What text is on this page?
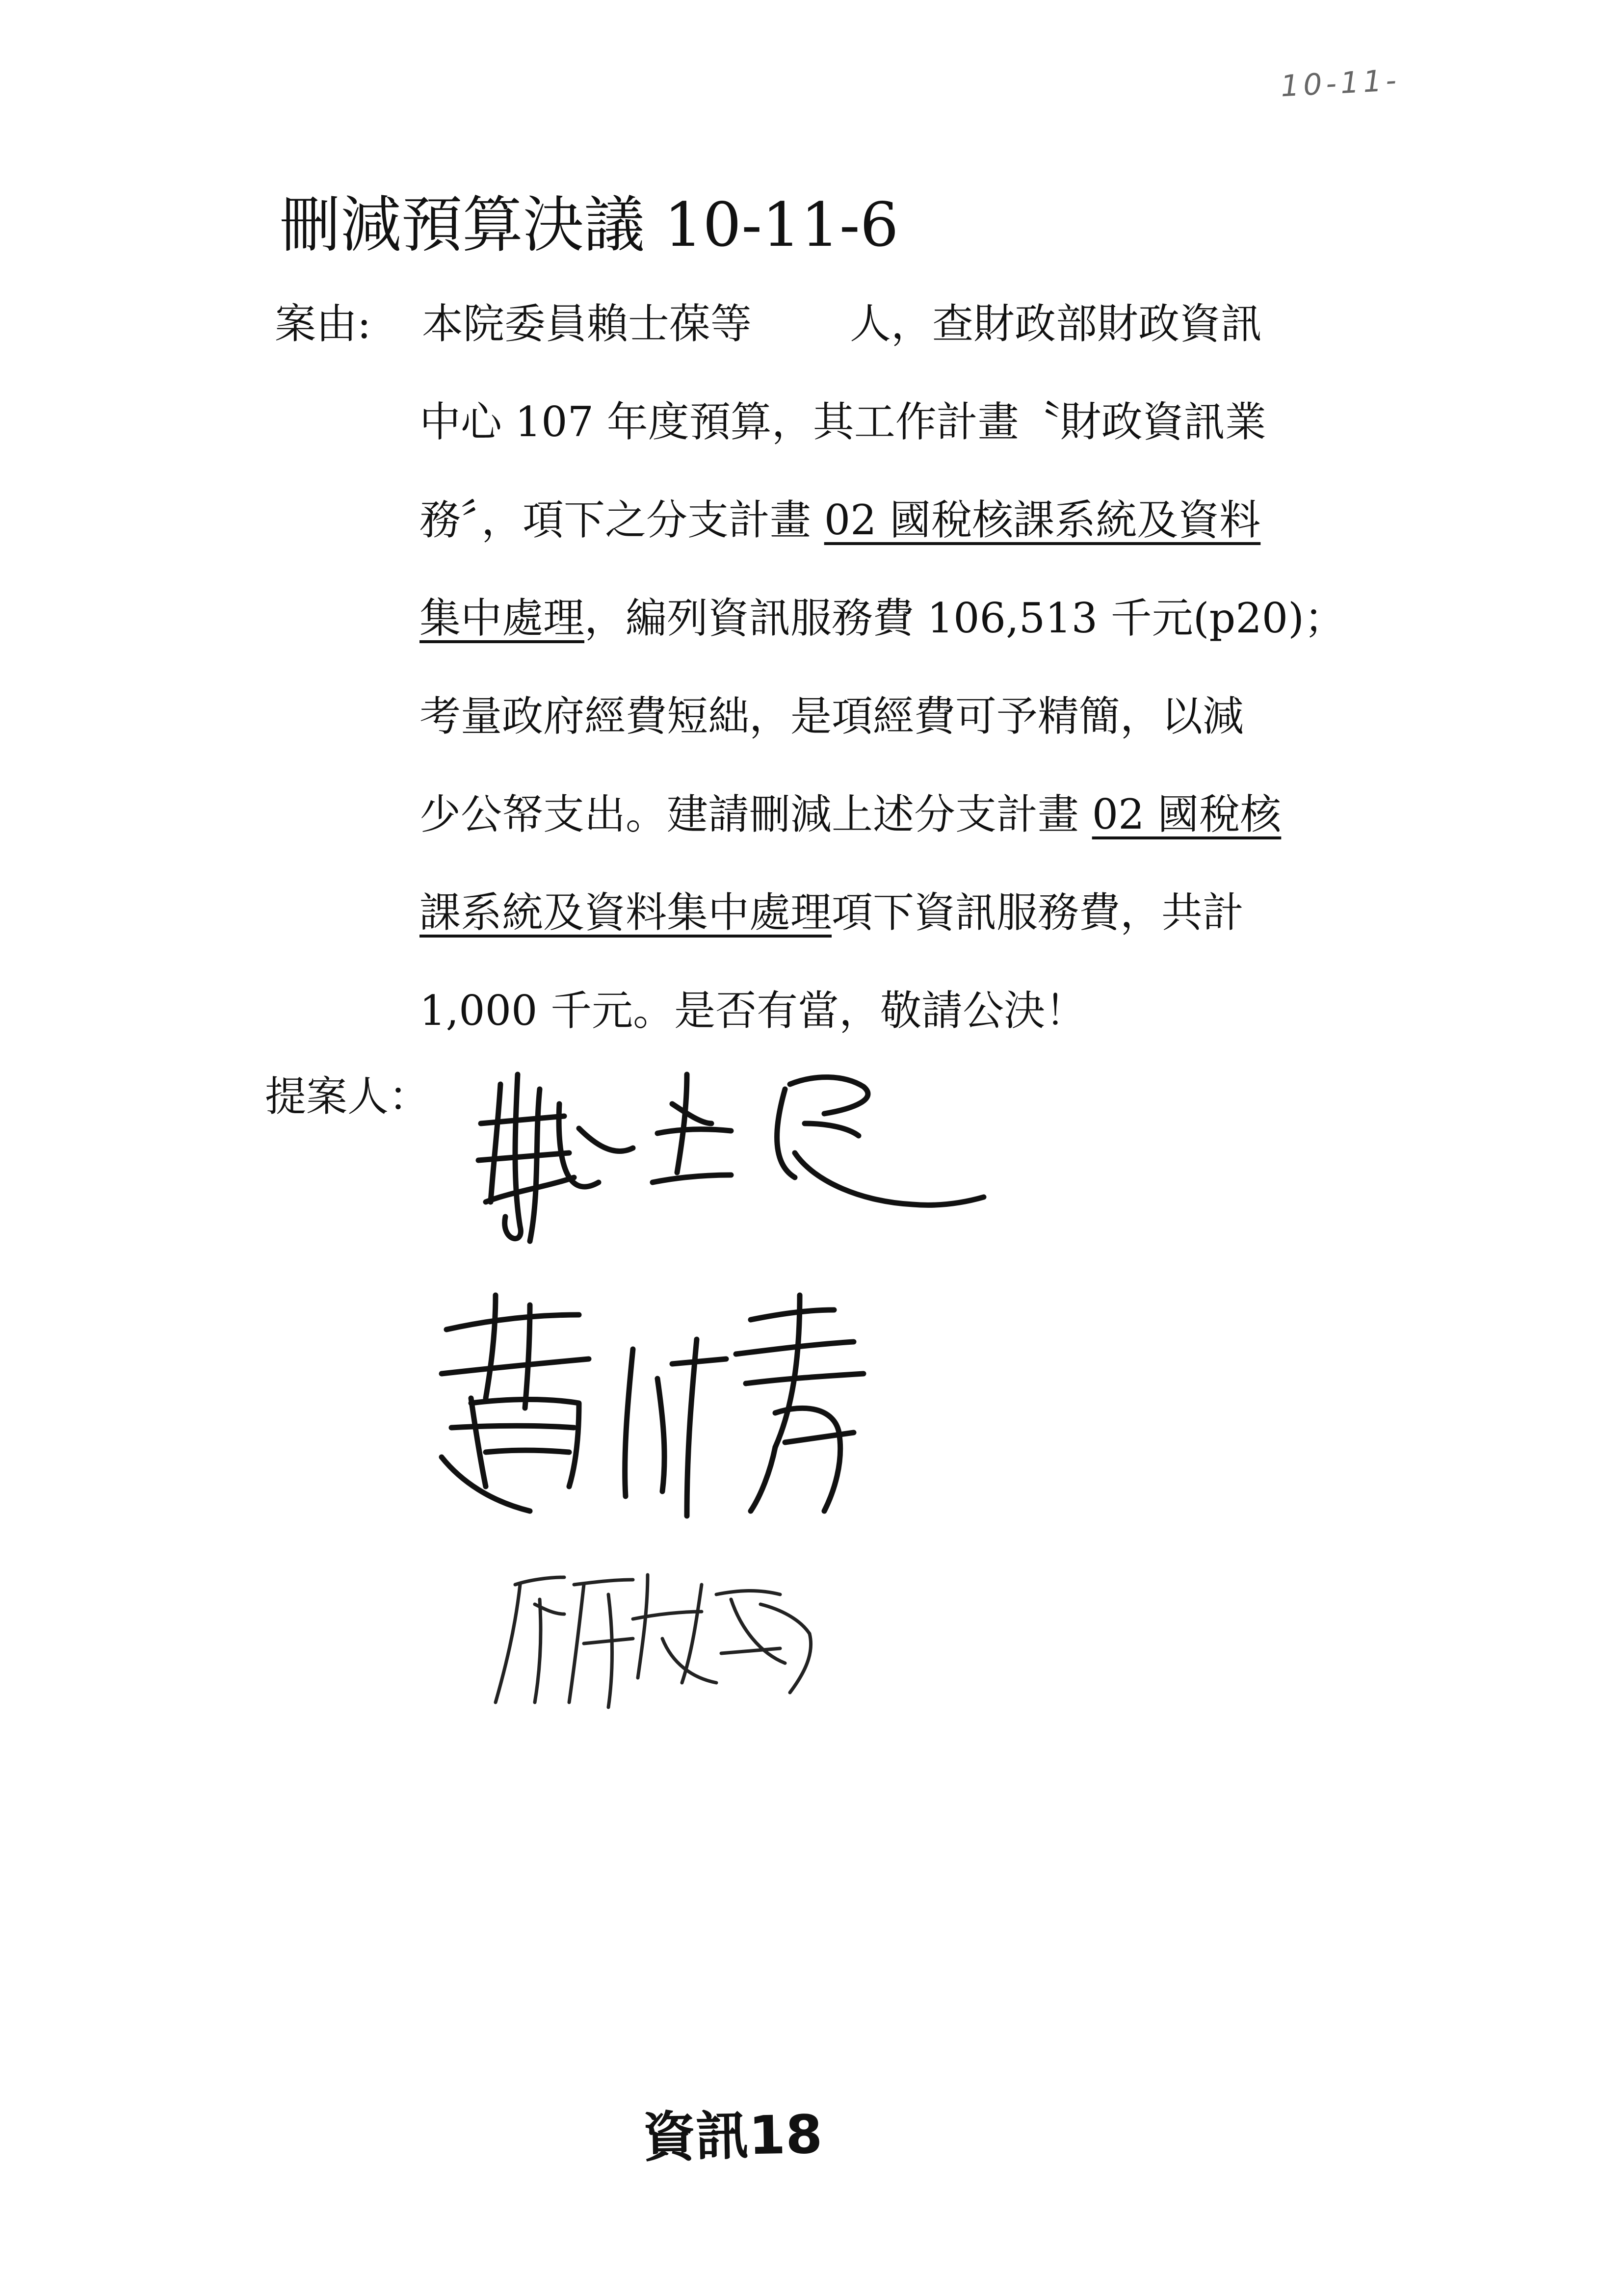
10-11-
刪減預算決議 10-11-6
案由: 本院委員賴士葆等 人，查財政部財政資訊
中心 107 年度預算，其工作計畫〝財政資訊業
務〞，項下之分支計畫 02 國稅核課系統及資料
集中處理，編列資訊服務費 106,513 千元(p20)；
考量政府經費短絀，是項經費可予精簡，以減
少公帑支出。建請刪減上述分支計畫 02 國稅核
課系統及資料集中處理項下資訊服務費，共計
1,000 千元。是否有當，敬請公決！
提案人：
資訊18
